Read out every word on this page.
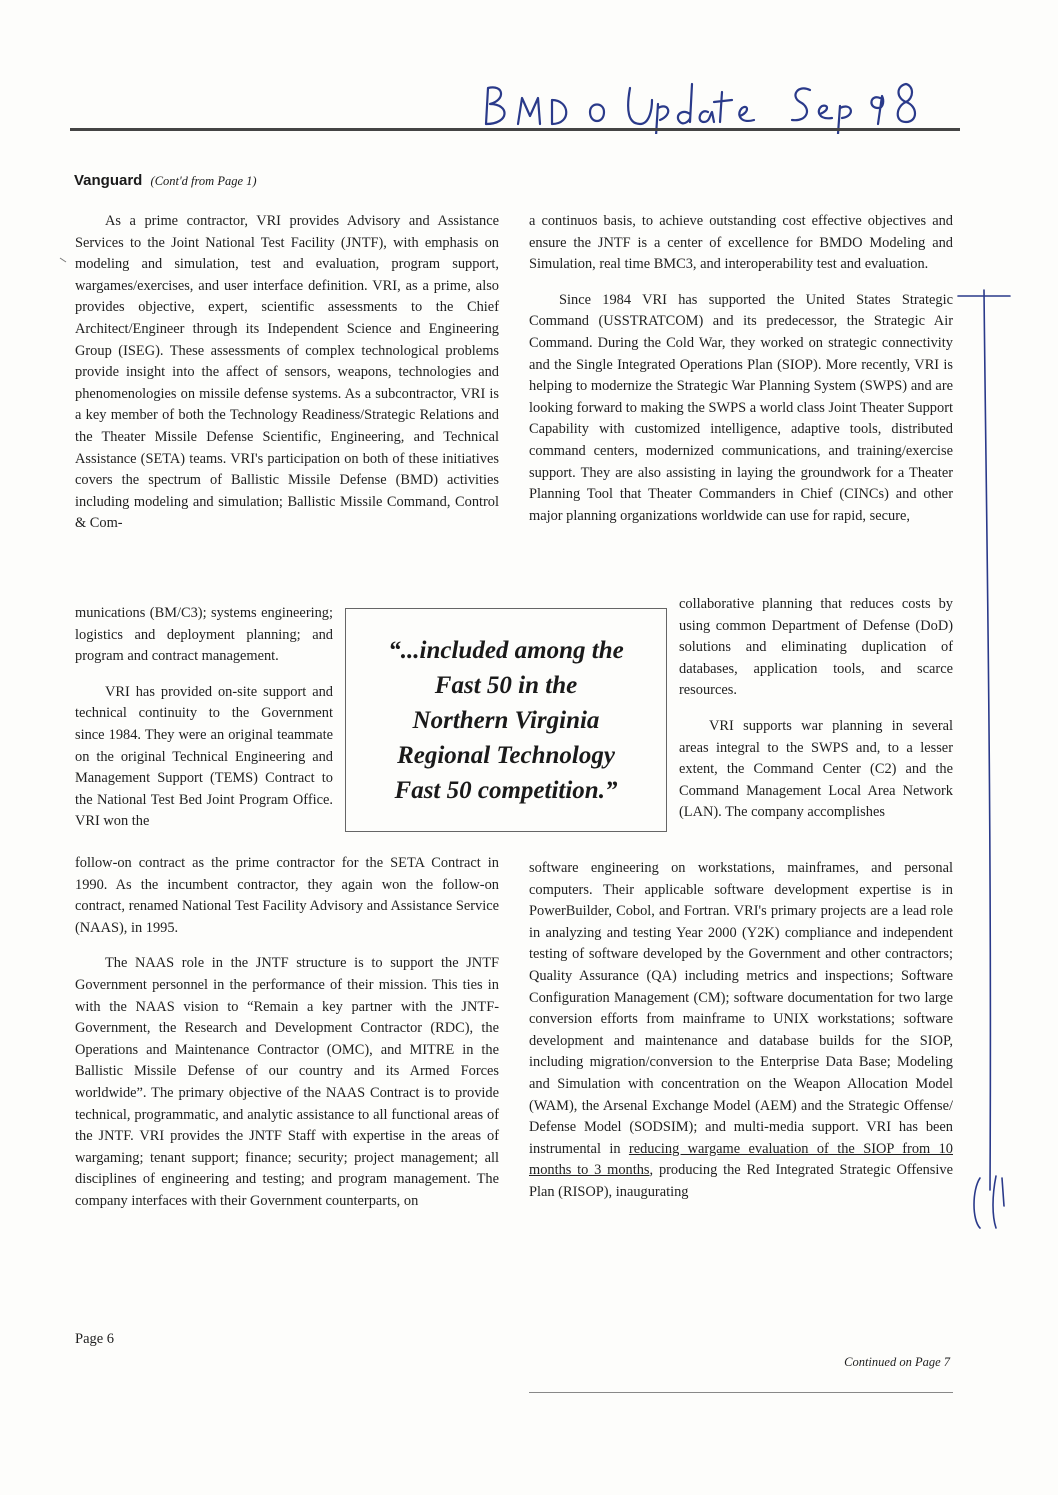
Vanguard (Cont'd from Page 1)

As a prime contractor, VRI provides Advisory and Assistance Services to the Joint National Test Facility (JNTF), with emphasis on modeling and simulation, test and evaluation, program support, wargames/exercises, and user interface definition. VRI, as a prime, also provides objective, expert, scientific assessments to the Chief Architect/Engineer through its Independent Science and Engineering Group (ISEG). These assessments of complex technological problems provide insight into the affect of sensors, weapons, technologies and phenomenologies on missile defense systems. As a subcontractor, VRI is a key member of both the Technology Readiness/Strategic Relations and the Theater Missile Defense Scientific, Engineering, and Technical Assistance (SETA) teams. VRI's participation on both of these initiatives covers the spectrum of Ballistic Missile Defense (BMD) activities including modeling and simulation; Ballistic Missile Command, Control & Com-

munications (BM/C3); systems engineering; logistics and deployment planning; and program and contract management.

VRI has provided on-site support and technical continuity to the Government since 1984. They were an original teammate on the original Technical Engineering and Management Support (TEMS) Contract to the National Test Bed Joint Program Office. VRI won the

follow-on contract as the prime contractor for the SETA Contract in 1990. As the incumbent contractor, they again won the follow-on contract, renamed National Test Facility Advisory and Assistance Service (NAAS), in 1995.

The NAAS role in the JNTF structure is to support the JNTF Government personnel in the performance of their mission. This ties in with the NAAS vision to “Remain a key partner with the JNTF-Government, the Research and Development Contractor (RDC), the Operations and Maintenance Contractor (OMC), and MITRE in the Ballistic Missile Defense of our country and its Armed Forces worldwide”. The primary objective of the NAAS Contract is to provide technical, programmatic, and analytic assistance to all functional areas of the JNTF. VRI provides the JNTF Staff with expertise in the areas of wargaming; tenant support; finance; security; project management; all disciplines of engineering and testing; and program management. The company interfaces with their Government counterparts, on

“...included among the
Fast 50 in the
Northern Virginia
Regional Technology
Fast 50 competition.”

a continuos basis, to achieve outstanding cost effective objectives and ensure the JNTF is a center of excellence for BMDO Modeling and Simulation, real time BMC3, and interoperability test and evaluation.

Since 1984 VRI has supported the United States Strategic Command (USSTRATCOM) and its predecessor, the Strategic Air Command. During the Cold War, they worked on strategic connectivity and the Single Integrated Operations Plan (SIOP). More recently, VRI is helping to modernize the Strategic War Planning System (SWPS) and are looking forward to making the SWPS a world class Joint Theater Support Capability with customized intelligence, adaptive tools, distributed command centers, modernized communications, and training/exercise support. They are also assisting in laying the groundwork for a Theater Planning Tool that Theater Commanders in Chief (CINCs) and other major planning organizations worldwide can use for rapid, secure,

collaborative planning that reduces costs by using common Department of Defense (DoD) solutions and eliminating duplication of databases, application tools, and scarce resources.

VRI supports war planning in several areas integral to the SWPS and, to a lesser extent, the Command Center (C2) and the Command Management Local Area Network (LAN). The company accomplishes

software engineering on workstations, mainframes, and personal computers. Their applicable software development expertise is in PowerBuilder, Cobol, and Fortran. VRI's primary projects are a lead role in analyzing and testing Year 2000 (Y2K) compliance and independent testing of software developed by the Government and other contractors; Quality Assurance (QA) including metrics and inspections; Software Configuration Management (CM); software documentation for two large conversion efforts from mainframe to UNIX workstations; software development and maintenance and database builds for the SIOP, including migration/conversion to the Enterprise Data Base; Modeling and Simulation with concentration on the Weapon Allocation Model (WAM), the Arsenal Exchange Model (AEM) and the Strategic Offense/ Defense Model (SODSIM); and multi-media support. VRI has been instrumental in reducing wargame evaluation of the SIOP from 10 months to 3 months, producing the Red Integrated Strategic Offensive Plan (RISOP), inaugurating

Continued on Page 7
Page 6
